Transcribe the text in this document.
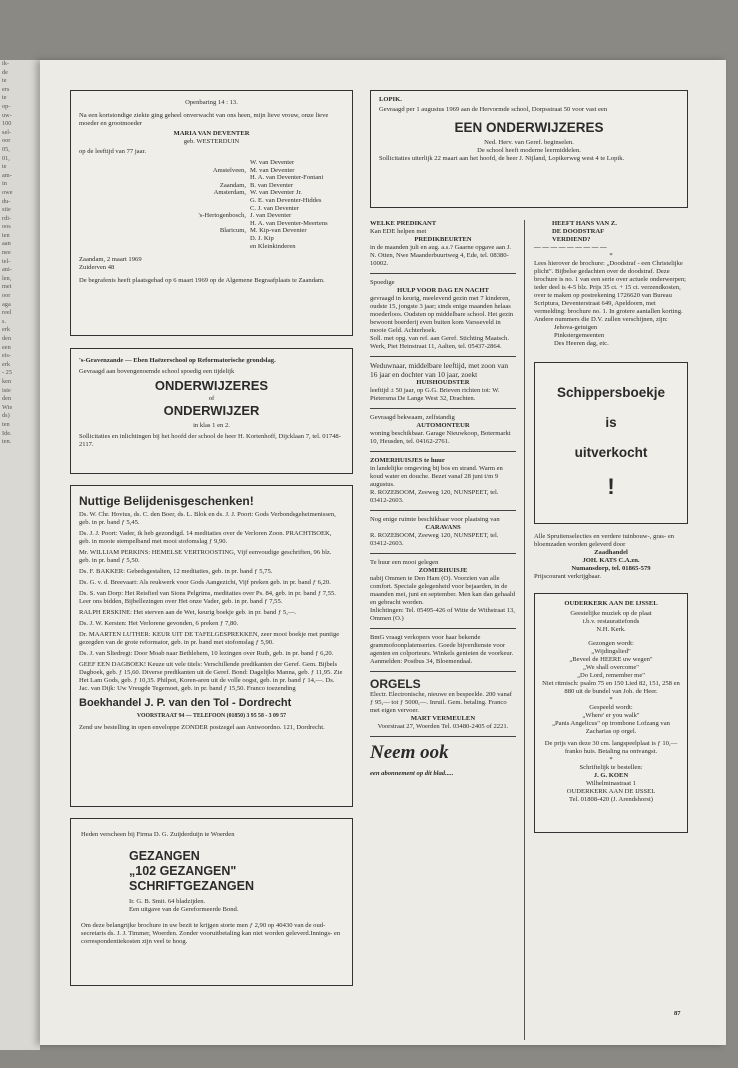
ik-
de
te
ers
te
op-
uw-
100
sel-
oor
05,
01,
te
am-
in
owe
du-
stie
rdi-
oos
ten
aan
nee
tel-
ani-
len,
met
oor
aga
reel
s.
erk
den
een
eis-
erk
- 25
ken
iste
den
Wie
ds)
ten
Ide.
ten.

Openbaring 14 : 13.

Na een kortstondige ziekte ging geheel onverwacht van ons heen, mijn lieve vrouw, onze lieve moeder en grootmoeder

MARIA VAN DEVENTER

geb. WESTERDUIN

op de leeftijd van 77 jaar.

W. van Deventer
Amstelveen, M. van Deventer
H. A. van Deventer-Fontani
Zaandam, B. van Deventer
Amsterdam, W. van Deventer Jr.
G. E. van Deventer-Hiddes
C. J. van Deventer
's-Hertogenbosch, J. van Deventer
H. A. van Deventer-Meertens
Blaricum, M. Kip-van Deventer
D. J. Kip
en Kleinkinderen

Zaandam, 2 maart 1969

Zuiderven 48

De begrafenis heeft plaatsgehad op 6 maart 1969 op de Algemene Begraafplaats te Zaandam.

's-Gravenzande — Eben Haëzerschool op Reformatorische grondslag.

Gevraagd aan bovengenoemde school spoedig een tijdelijk

ONDERWIJZERES

of

ONDERWIJZER

in klas 1 en 2.

Sollicitaties en inlichtingen bij het hoofd der school de heer H. Kortenhoff, Dijcklaan 7, tel. 01748-2117.

Nuttige Belijdenisgeschenken!

Ds. W. Chr. Hovius, ds. C. den Boer, ds. L. Blok en ds. J. J. Poort: Gods Verbondsgeheimenissen, geb. in pr. band ƒ 5,45.

Ds. J. J. Poort: Vader, ik heb gezondigd. 14 meditaties over de Verloren Zoon. PRACHTBOEK, geb. in mooie stempelband met mooi stofomslag ƒ 9,90.

Mr. WILLIAM PERKINS: HEMELSE VERTROOSTING, Vijf eenvoudige geschriften, 96 blz. geb. in pr. band ƒ 5,50.

Ds. F. BAKKER: Gebedsgestalten, 12 meditaties, geb. in pr. band ƒ 5,75.

Ds. G. v. d. Breevaart: Als reukwerk voor Gods Aangezicht, Vijf preken geb. in pr. band ƒ 6,20.

Ds. S. van Dorp: Het Reisfied van Sions Pelgrims, meditaties over Ps. 84, geb. in pr. band ƒ 7,55. Leer ons bidden, Bijbellezingen over Het onze Vader, geb. in pr. band ƒ 7,55.

RALPH ERSKINE: Het sterven aan de Wet, keurig boekje geb. in pr. band ƒ 5,—.

Ds. J. W. Kersten: Het Verlorene gevonden, 6 preken ƒ 7,80.

Dr. MAARTEN LUTHER: KEUR UIT DE TAFELGESPREKKEN, zeer mooi boekje met puntige gezegden van de grote reformator, geb. in pr. band met stofomslag ƒ 5,90.

Ds. J. van Sliedregt: Door Moab naar Bethlehem, 10 lezingen over Ruth, geb. in pr. band ƒ 6,20.

GEEF EEN DAGBOEK! Keuze uit vele titels: Verschillende predikanten der Geref. Gem. Bijbels Dagboek, geb. ƒ 15,60. Diverse predikanten uit de Geref. Bond: Dagelijks Manna, geb. ƒ 11,95. Zie Het Lam Gods, geb. ƒ 10,35. Philpot, Koren-aren uit de volle oogst, geb. in pr. band ƒ 14,—. Ds. Jac. van Dijk: Uw Vreugde Tegemoet, geb. in pr. band ƒ 15,50. Franco toezending

Boekhandel J. P. van den Tol - Dordrecht

VOORSTRAAT 94 — TELEFOON (01850) 3 95 58 - 3 09 57

Zend uw bestelling in open enveloppe ZONDER postzegel aan Antwoordno. 121, Dordrecht.

Heden verscheen bij Firma D. G. Zuijderduijn te Woerden

GEZANGEN

„102 GEZANGEN"

SCHRIFTGEZANGEN

Ir. G. B. Smit. 64 bladzijden.

Een uitgave van de Gereformeerde Bond.

Om deze belangrijke brochure in uw bezit te krijgen storte men ƒ 2,90 op 40430 van de oud-secretaris ds. J. J. Timmer, Woerden. Zonder vooruitbetaling kan niet worden geleverd.Innings- en correspondentiekosten zijn veel te hoog.

LOPIK.

Gevraagd per 1 augustus 1969 aan de Hervormde school, Dorpsstraat 50 voor vast een

EEN ONDERWIJZERES

Ned. Herv. van Geref. beginselen.

De school heeft moderne leermiddelen.

Sollicitaties uiterlijk 22 maart aan het hoofd, de heer J. Nijland, Lopikerweg west 4 te Lopik.

WELKE PREDIKANT

Kan EDE helpen met

PREDIKBEURTEN

in de maanden juli en aug. a.s.? Gaarne opgave aan J. N. Otten, Nwe Maanderbuurtweg 4, Ede, tel. 08380-10002.

Spoedige

HULP VOOR DAG EN NACHT

gevraagd in keurig, meelevend gezin met 7 kinderen, oudste 15, jongste 3 jaar; sinds enige maanden helaas moederloos. Oudsten op middelbare school. Het gezin bewoont boerderij even buiten kom Varsseveld in mooie Geld. Achterhoek.

Soll. met opg. van ref. aan Geref. Stichting Maatsch. Werk, Piet Heinstraat 11, Aalten, tel. 05437-2864.

Weduwnaar, middelbare leeftijd, met zoon van 16 jaar en dochter van 10 jaar, zoekt

HUISHOUDSTER

leeftijd ± 50 jaar, op G.G. Brieven richten tot: W. Pietersma De Lange West 32, Drachten.

Gevraagd bekwaam, zelfstandig

AUTOMONTEUR

woning beschikbaar. Garage Nieuwkoop, Botermarkt 10, Heusden, tel. 04162-2761.

ZOMERHUISJES te huur

in landelijke omgeving bij bos en strand. Warm en koud water en douche. Bezet vanaf 28 juni t/m 9 augustus.

R. ROZEBOOM, Zeeweg 120, NUNSPEET, tel. 03412-2603.

Nog enige ruimte beschikbaar voor plaatsing van

CARAVANS

R. ROZEBOOM, Zeeweg 120, NUNSPEET, tel. 03412-2603.

Te huur een mooi gelegen

ZOMERHUISJE

nabij Ommen te Den Ham (O). Voorzien van alle comfort. Speciale gelegenheid voor bejaarden, in de maanden mei, juni en september. Men kan dan gehaald en gebracht worden.

Inlichtingen: Tel. 05495-426 of Witte de Withstraat 13, Ommen (O.)

BmG vraagt verkopers voor haar bekende grammofoonplatenseries. Goede bijverdienste voor agenten en colporteurs. Winkels genieten de voorkeur. Aanmelden: Postbus 34, Bloemendaal.

ORGELS

Electr. Electronische, nieuwe en bespeelde. 200 vanaf ƒ 95,— tot ƒ 5000,—. Inruil. Gem. betaling. Franco met eigen vervoer.

MART VERMEULEN

Voorstraat 27, Woerden Tel. 03480-2405 of 2221.

Neem ook

een abonnement op dit blad.....

HEEFT HANS VAN Z.

DE DOODSTRAF

VERDIEND?

— — — — — — — — —

*

Lees hierover de brochure: „Doodstraf - een Christelijke plicht". Bijbelse gedachten over de doodstraf. Deze brochure is no. 1 van een serie over actuele onderwerpen; ieder deel is 4-5 blz. Prijs 35 ct. + 15 ct. verzendkosten, over te maken op postrekening 1726620 van Bureau Scriptura, Deventerstraat 649, Apeldoorn, met vermelding: brochure no. 1. In grotere aantallen korting. Andere nummers die D.V. zullen verschijnen, zijn:

Jehova-getuigen

Pinkstergemeenten

Des Heeren dag, etc.

Schippersboekje

is

uitverkocht

!

Alle Spruitenselecties en verdere tuinbouw-, gras- en bloemzaden worden geleverd door

Zaadhandel

JOH. KATS C.A.zn.

Numansdorp, tel. 01865-579

Prijscourant verkrijgbaar.

OUDERKERK AAN DE IJSSEL

Geestelijke muziek op de plaat

t.b.v. restauratiefonds

N.H. Kerk.

Gezongen wordt:

„Wijdingslied"

„Beveel de HEERE uw wegen"

„We shall overcome"

„Do Lord, remember me"

Niet ritmisch: psalm 75 en 150 Lied 82, 151, 258 en 880 uit de bundel van Joh. de Heer.

*

Gespeeld wordt:

„Where' er you walk"

„Panis Angelicus" op trombone Lofzang van Zacharias op orgel.

De prijs van deze 30 cm. langspeelplaat is ƒ 10,— franko huis. Betaling na ontvangst.

*

Schriftelijk te bestellen:

J. G. KOEN

Wilhelminastraat 1

OUDERKERK AAN DE IJSSEL

Tel. 01808-420 (J. Arendshorst)

87
